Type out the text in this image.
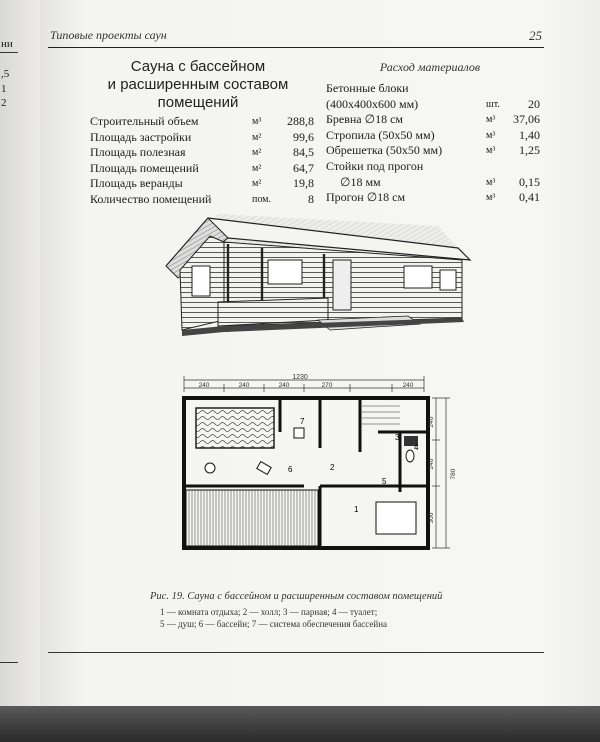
ни
,5
1
2
Типовые проекты саун	25
Сауна с бассейном
и расширенным составом
помещений
Строительный объем	м³ 288,8
Площадь застройки	м²	99,6
Площадь полезная	м²	84,5
Площадь помещений	м²	64,7
Площадь веранды	м²	19,8
Количество помещений	пом.	8
Расход материалов
Бетонные блоки
(400x400x600 мм)	шт. 20
Бревна ∅18 см	м³ 37,06
Стропила (50x50 мм)	м³ 1,40
Обрешетка (50x50 мм)	м³ 1,25
Стойки под прогон
∅18 мм	м³ 0,15
Прогон ∅18 см	м³ 0,41
1230
240	240	240	270	240
240
240
300
780
1
2
3
4
5
6
7
Рис. 19. Сауна с бассейном и расширенным составом помещений
1 — комната отдыха; 2 — холл; 3 — парная; 4 — туалет;
5 — душ; 6 — бассейн; 7 — система обеспечения бассейна
